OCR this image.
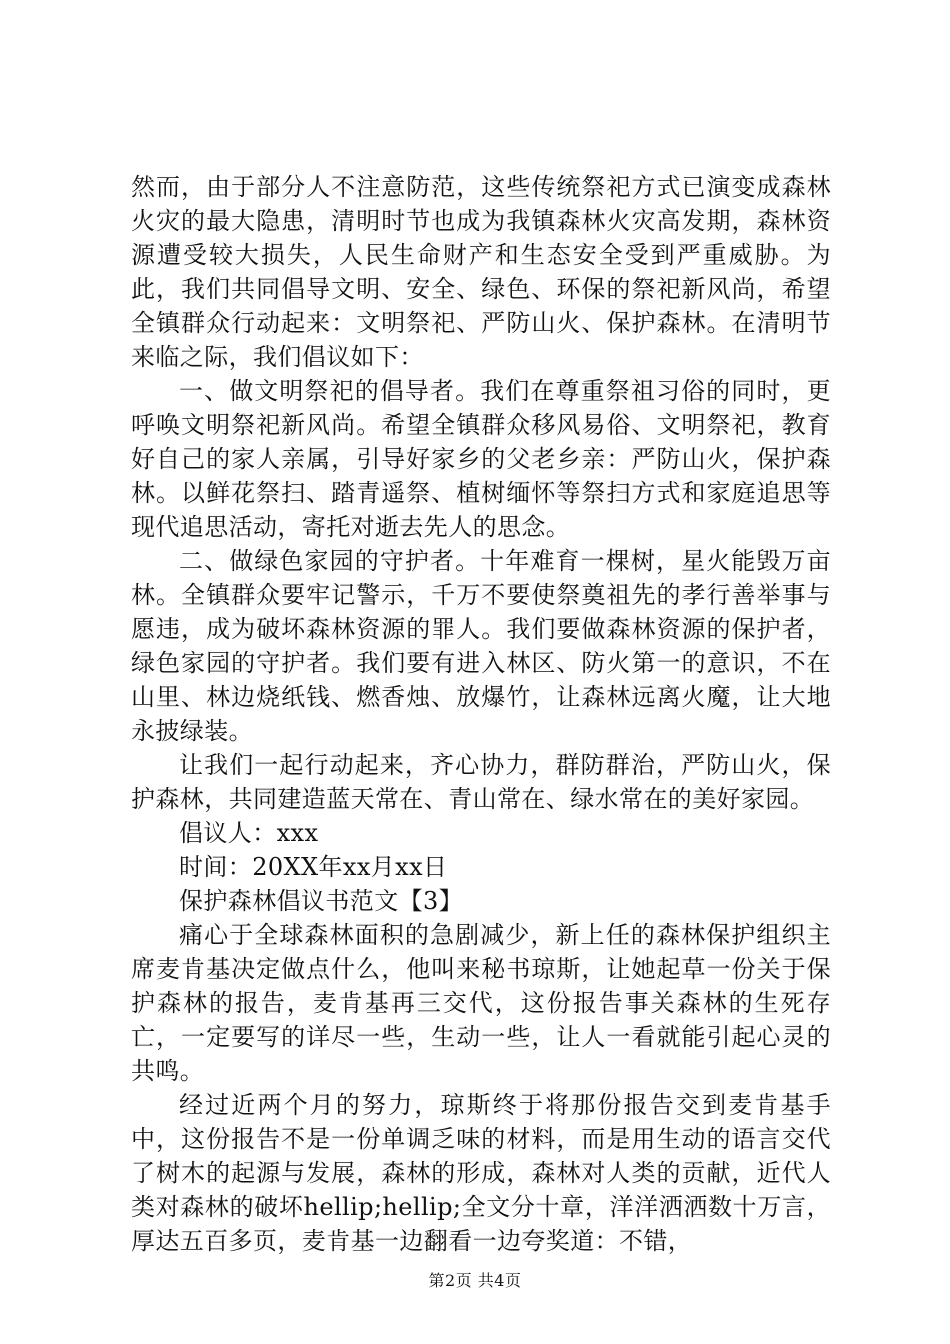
然而，由于部分人不注意防范，这些传统祭祀方式已演变成森林火灾的最大隐患，清明时节也成为我镇森林火灾高发期，森林资源遭受较大损失，人民生命财产和生态安全受到严重威胁。为此，我们共同倡导文明、安全、绿色、环保的祭祀新风尚，希望全镇群众行动起来：文明祭祀、严防山火、保护森林。在清明节来临之际，我们倡议如下：

一、做文明祭祀的倡导者。我们在尊重祭祖习俗的同时，更呼唤文明祭祀新风尚。希望全镇群众移风易俗、文明祭祀，教育好自己的家人亲属，引导好家乡的父老乡亲：严防山火，保护森林。以鲜花祭扫、踏青遥祭、植树缅怀等祭扫方式和家庭追思等现代追思活动，寄托对逝去先人的思念。

二、做绿色家园的守护者。十年难育一棵树，星火能毁万亩林。全镇群众要牢记警示，千万不要使祭奠祖先的孝行善举事与愿违，成为破坏森林资源的罪人。我们要做森林资源的保护者，绿色家园的守护者。我们要有进入林区、防火第一的意识，不在山里、林边烧纸钱、燃香烛、放爆竹，让森林远离火魔，让大地永披绿装。

让我们一起行动起来，齐心协力，群防群治，严防山火，保护森林，共同建造蓝天常在、青山常在、绿水常在的美好家园。

倡议人：xxx

时间：20XX年xx月xx日

保护森林倡议书范文【3】

痛心于全球森林面积的急剧减少，新上任的森林保护组织主席麦肯基决定做点什么，他叫来秘书琼斯，让她起草一份关于保护森林的报告，麦肯基再三交代，这份报告事关森林的生死存亡，一定要写的详尽一些，生动一些，让人一看就能引起心灵的共鸣。

经过近两个月的努力，琼斯终于将那份报告交到麦肯基手中，这份报告不是一份单调乏味的材料，而是用生动的语言交代了树木的起源与发展，森林的形成，森林对人类的贡献，近代人类对森林的破坏hellip;hellip;全文分十章，洋洋洒洒数十万言，厚达五百多页，麦肯基一边翻看一边夸奖道：不错，

第2页 共4页
